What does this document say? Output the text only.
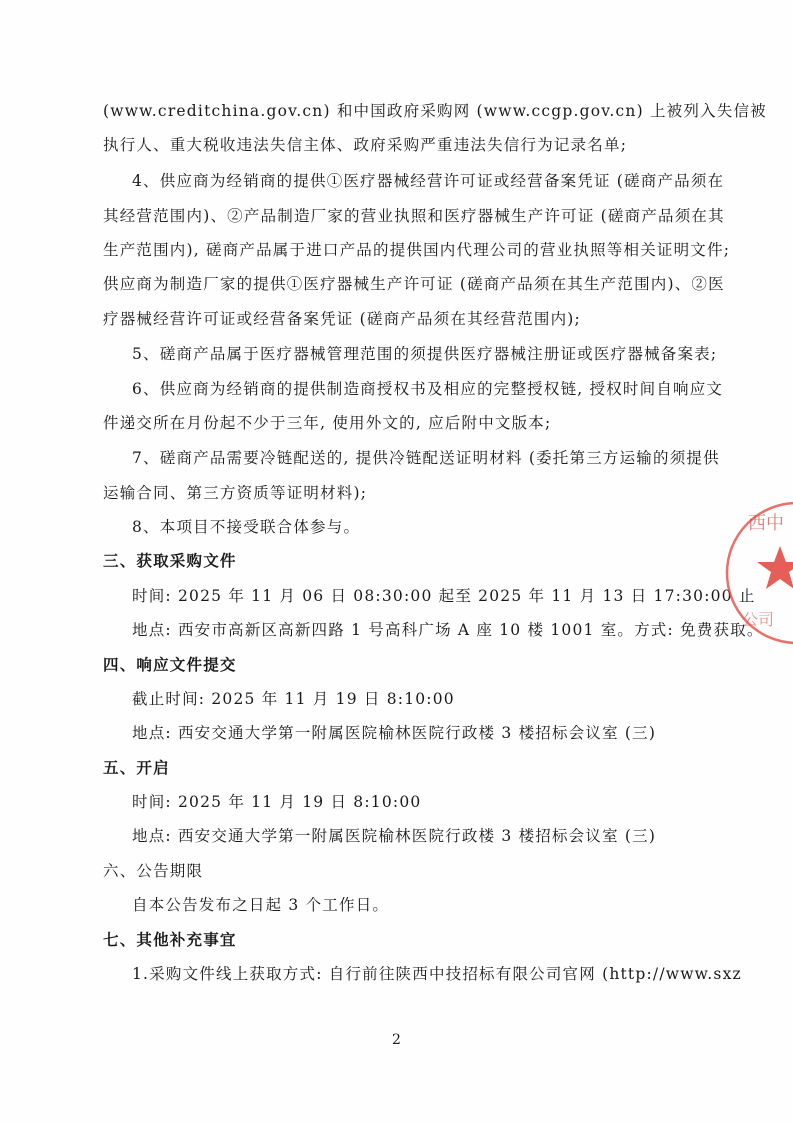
(www.creditchina.gov.cn) 和中国政府采购网 (www.ccgp.gov.cn) 上被列入失信被
执行人、重大税收违法失信主体、政府采购严重违法失信行为记录名单;
4、供应商为经销商的提供①医疗器械经营许可证或经营备案凭证 (磋商产品须在
其经营范围内)、②产品制造厂家的营业执照和医疗器械生产许可证 (磋商产品须在其
生产范围内), 磋商产品属于进口产品的提供国内代理公司的营业执照等相关证明文件;
供应商为制造厂家的提供①医疗器械生产许可证 (磋商产品须在其生产范围内)、②医
疗器械经营许可证或经营备案凭证 (磋商产品须在其经营范围内);
5、磋商产品属于医疗器械管理范围的须提供医疗器械注册证或医疗器械备案表;
6、供应商为经销商的提供制造商授权书及相应的完整授权链, 授权时间自响应文
件递交所在月份起不少于三年, 使用外文的, 应后附中文版本;
7、磋商产品需要冷链配送的, 提供冷链配送证明材料 (委托第三方运输的须提供
运输合同、第三方资质等证明材料);
8、本项目不接受联合体参与。
三、获取采购文件
时间: 2025 年 11 月 06 日 08:30:00 起至 2025 年 11 月 13 日 17:30:00 止
地点: 西安市高新区高新四路 1 号高科广场 A 座 10 楼 1001 室。方式: 免费获取。
四、响应文件提交
截止时间: 2025 年 11 月 19 日 8:10:00
地点: 西安交通大学第一附属医院榆林医院行政楼 3 楼招标会议室 (三)
五、开启
时间: 2025 年 11 月 19 日 8:10:00
地点: 西安交通大学第一附属医院榆林医院行政楼 3 楼招标会议室 (三)
六、公告期限
自本公告发布之日起 3 个工作日。
七、其他补充事宜
1.采购文件线上获取方式: 自行前往陕西中技招标有限公司官网 (http://www.sxz
2
西中
公司
